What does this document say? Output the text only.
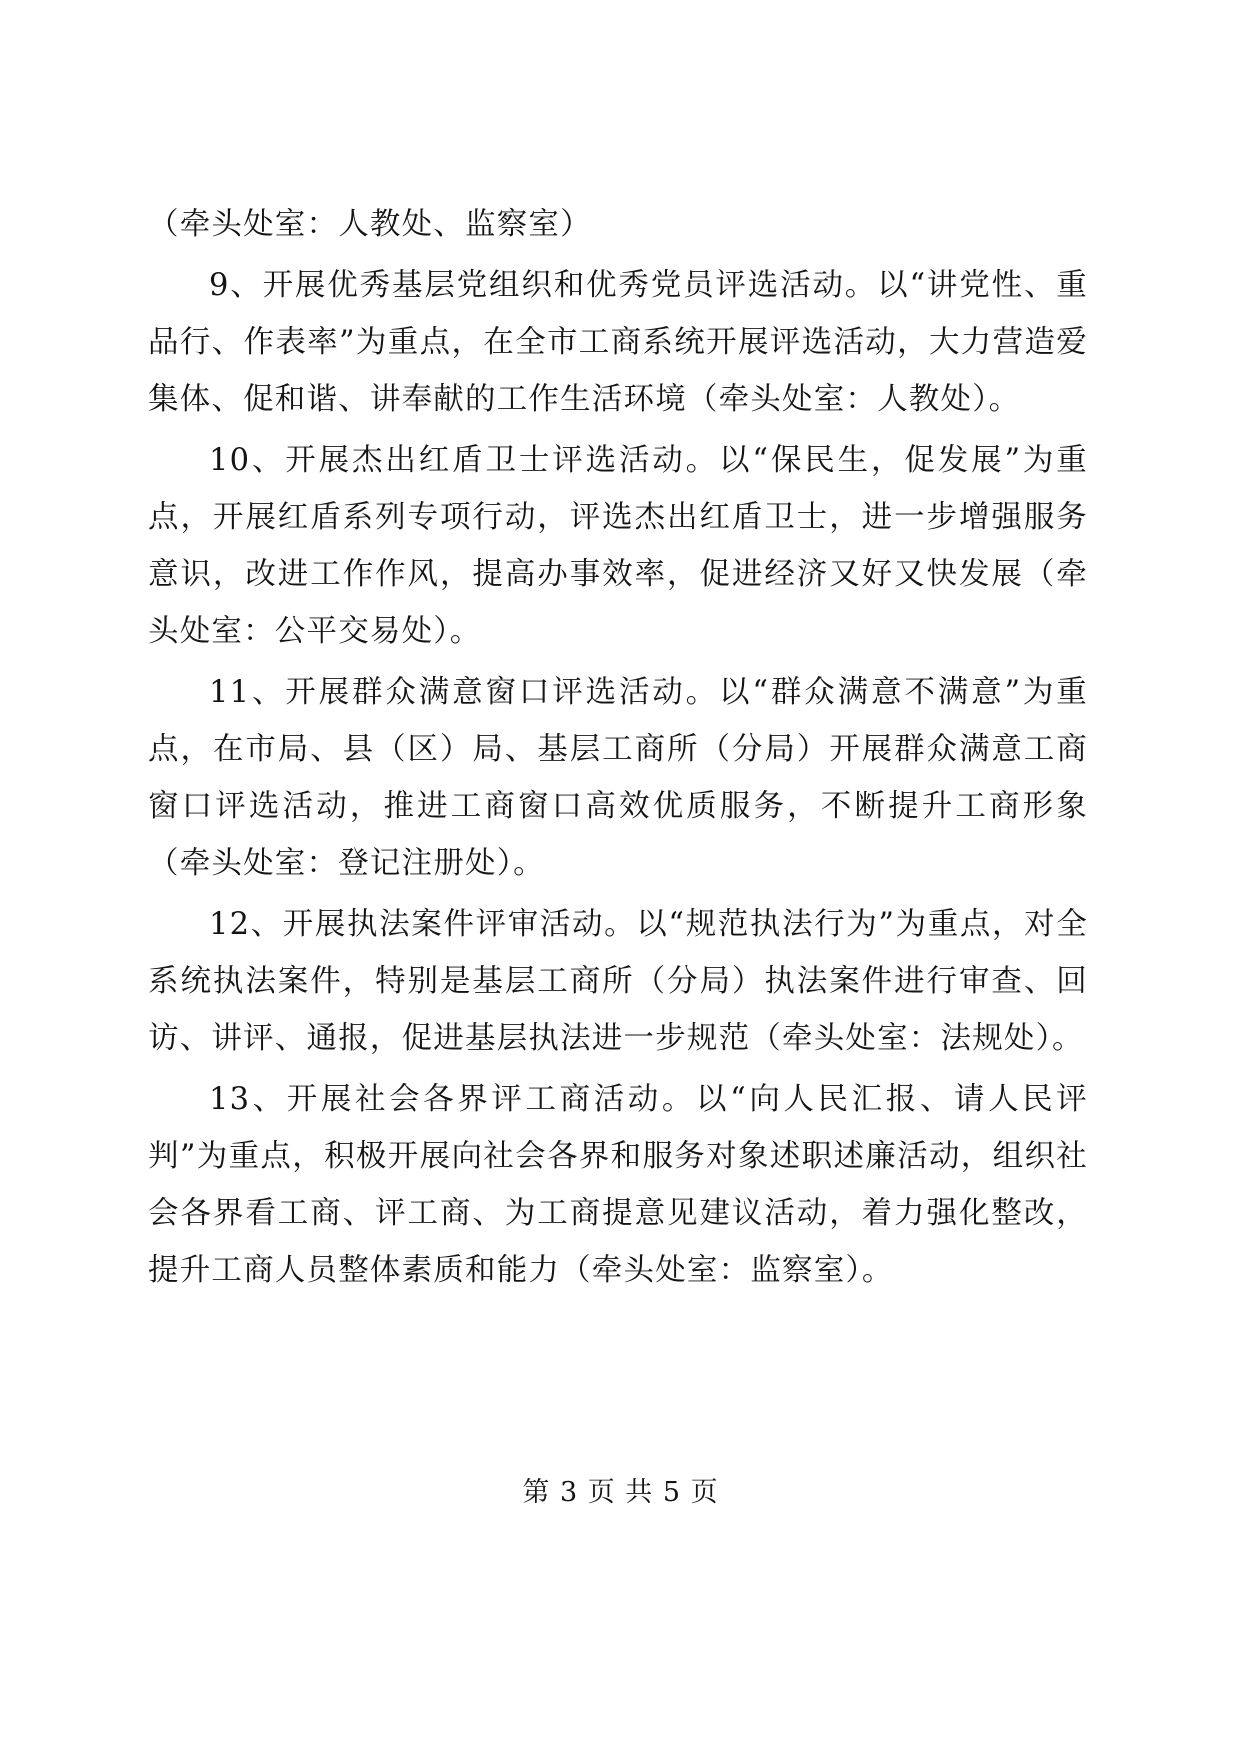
（牵头处室：人教处、监察室）

9、开展优秀基层党组织和优秀党员评选活动。以“讲党性、重品行、作表率”为重点，在全市工商系统开展评选活动，大力营造爱集体、促和谐、讲奉献的工作生活环境（牵头处室：人教处）。

10、开展杰出红盾卫士评选活动。以“保民生，促发展”为重点，开展红盾系列专项行动，评选杰出红盾卫士，进一步增强服务意识，改进工作作风，提高办事效率，促进经济又好又快发展（牵头处室：公平交易处）。

11、开展群众满意窗口评选活动。以“群众满意不满意”为重点，在市局、县（区）局、基层工商所（分局）开展群众满意工商窗口评选活动，推进工商窗口高效优质服务，不断提升工商形象（牵头处室：登记注册处）。

12、开展执法案件评审活动。以“规范执法行为”为重点，对全系统执法案件，特别是基层工商所（分局）执法案件进行审查、回访、讲评、通报，促进基层执法进一步规范（牵头处室：法规处）。

13、开展社会各界评工商活动。以“向人民汇报、请人民评判”为重点，积极开展向社会各界和服务对象述职述廉活动，组织社会各界看工商、评工商、为工商提意见建议活动，着力强化整改，提升工商人员整体素质和能力（牵头处室：监察室）。

第 3 页 共 5 页
